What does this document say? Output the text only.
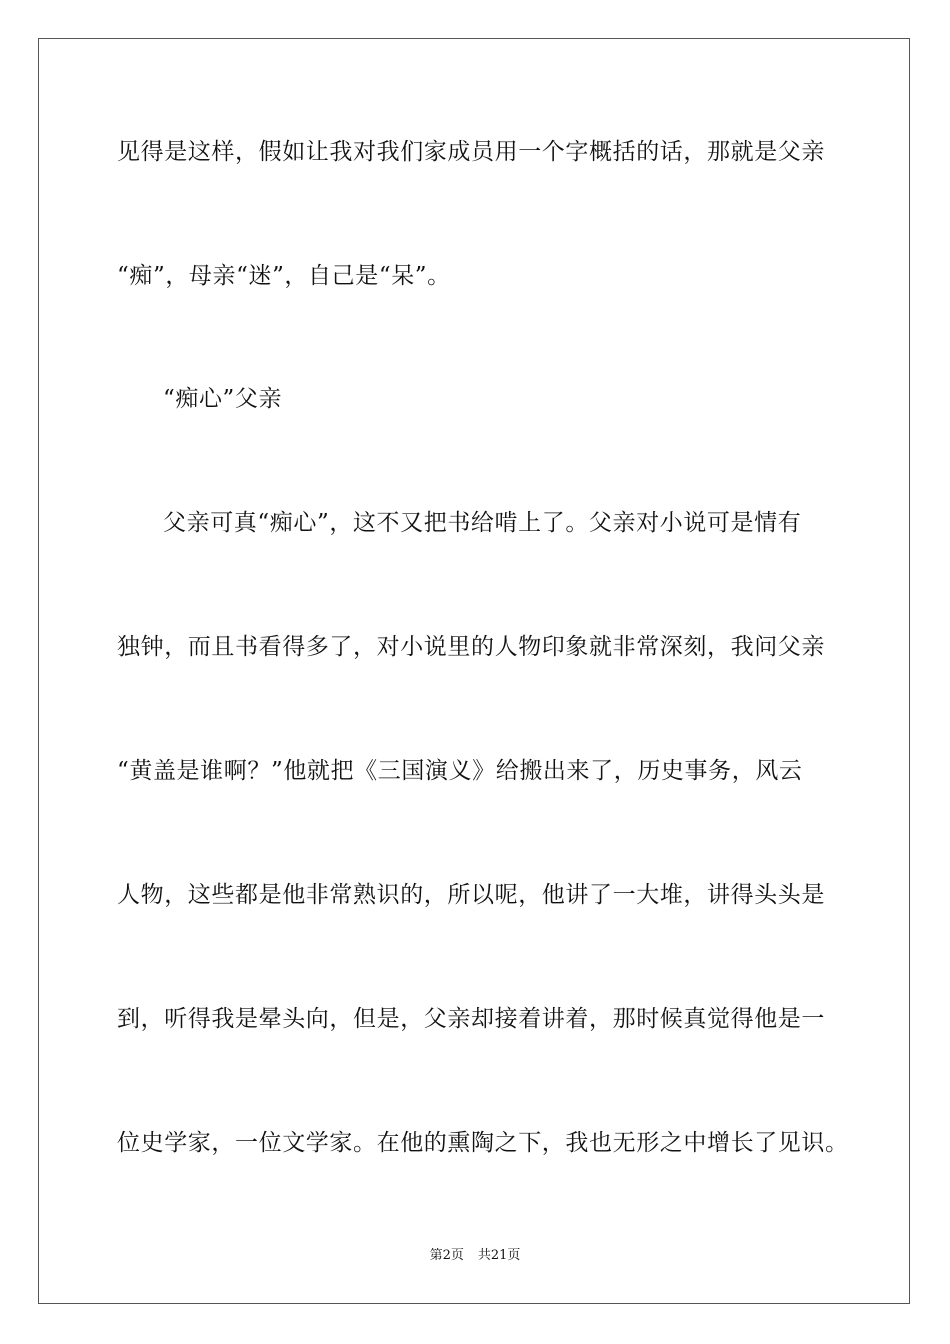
见得是这样，假如让我对我们家成员用一个字概括的话，那就是父亲
“痴”，母亲“迷”，自己是“呆”。
“痴心”父亲
父亲可真“痴心”，这不又把书给啃上了。父亲对小说可是情有
独钟，而且书看得多了，对小说里的人物印象就非常深刻，我问父亲
“黄盖是谁啊？”他就把《三国演义》给搬出来了，历史事务，风云
人物，这些都是他非常熟识的，所以呢，他讲了一大堆，讲得头头是
到，听得我是晕头向，但是，父亲却接着讲着，那时候真觉得他是一
位史学家，一位文学家。在他的熏陶之下，我也无形之中增长了见识。
第2页 共21页
